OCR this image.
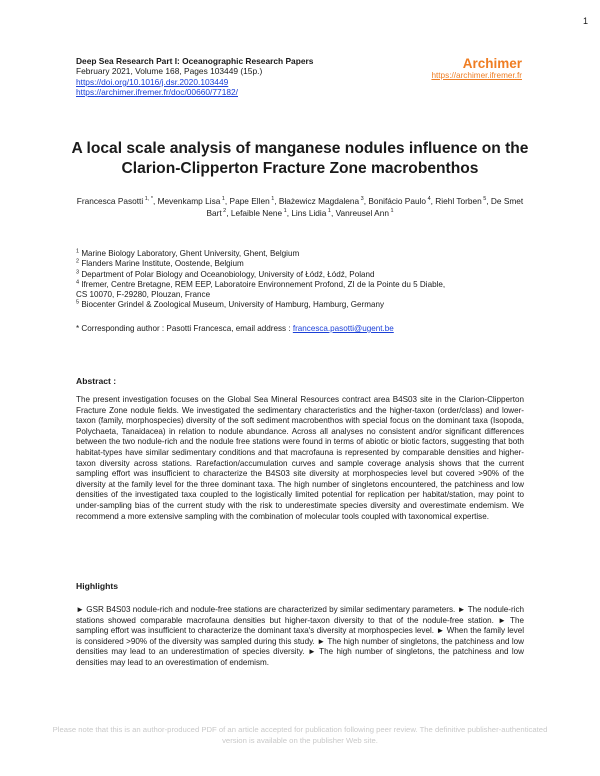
1
Deep Sea Research Part I: Oceanographic Research Papers
February 2021, Volume 168, Pages 103449 (15p.)
https://doi.org/10.1016/j.dsr.2020.103449
https://archimer.ifremer.fr/doc/00660/77182/
Archimer
https://archimer.ifremer.fr
A local scale analysis of manganese nodules influence on the Clarion-Clipperton Fracture Zone macrobenthos
Francesca Pasotti $^{1, *}$, Mevenkamp Lisa $^1$, Pape Ellen $^1$, Błażewicz Magdalena $^3$, Bonifácio Paulo $^4$, Riehl Torben $^5$, De Smet Bart $^2$, Lefaible Nene $^1$, Lins Lidia $^1$, Vanreusel Ann $^1$
$^1$ Marine Biology Laboratory, Ghent University, Ghent, Belgium
$^2$ Flanders Marine Institute, Oostende, Belgium
$^3$ Department of Polar Biology and Oceanobiology, University of Łódź, Łódź, Poland
$^4$ Ifremer, Centre Bretagne, REM EEP, Laboratoire Environnement Profond, ZI de la Pointe du 5 Diable,
CS 10070, F-29280, Plouzan, France
$^5$ Biocenter Grindel & Zoological Museum, University of Hamburg, Hamburg, Germany
* Corresponding author : Pasotti Francesca, email address : francesca.pasotti@ugent.be
Abstract :
The present investigation focuses on the Global Sea Mineral Resources contract area B4S03 site in the Clarion-Clipperton Fracture Zone nodule fields. We investigated the sedimentary characteristics and the higher-taxon (order/class) and lower-taxon (family, morphospecies) diversity of the soft sediment macrobenthos with special focus on the dominant taxa (Isopoda, Polychaeta, Tanaidacea) in relation to nodule abundance. Across all analyses no consistent and/or significant differences between the two nodule-rich and the nodule free stations were found in terms of abiotic or biotic factors, suggesting that both habitat-types have similar sedimentary conditions and that macrofauna is represented by comparable densities and higher-taxon diversity across stations. Rarefaction/accumulation curves and sample coverage analysis shows that the current sampling effort was insufficient to characterize the B4S03 site diversity at morphospecies level but covered >90% of the diversity at the family level for the three dominant taxa. The high number of singletons encountered, the patchiness and low densities of the investigated taxa coupled to the logistically limited potential for replication per habitat/station, may point to under-sampling bias of the current study with the risk to underestimate species diversity and overestimate endemism. We recommend a more extensive sampling with the combination of molecular tools coupled with taxonomical expertise.
Highlights
► GSR B4S03 nodule-rich and nodule-free stations are characterized by similar sedimentary parameters. ► The nodule-rich stations showed comparable macrofauna densities but higher-taxon diversity to that of the nodule-free station. ► The sampling effort was insufficient to characterize the dominant taxa's diversity at morphospecies level. ► When the family level is considered >90% of the diversity was sampled during this study. ► The high number of singletons, the patchiness and low densities may lead to an underestimation of species diversity. ► The high number of singletons, the patchiness and low densities may lead to an overestimation of endemism.
Please note that this is an author-produced PDF of an article accepted for publication following peer review. The definitive publisher-authenticated version is available on the publisher Web site.
